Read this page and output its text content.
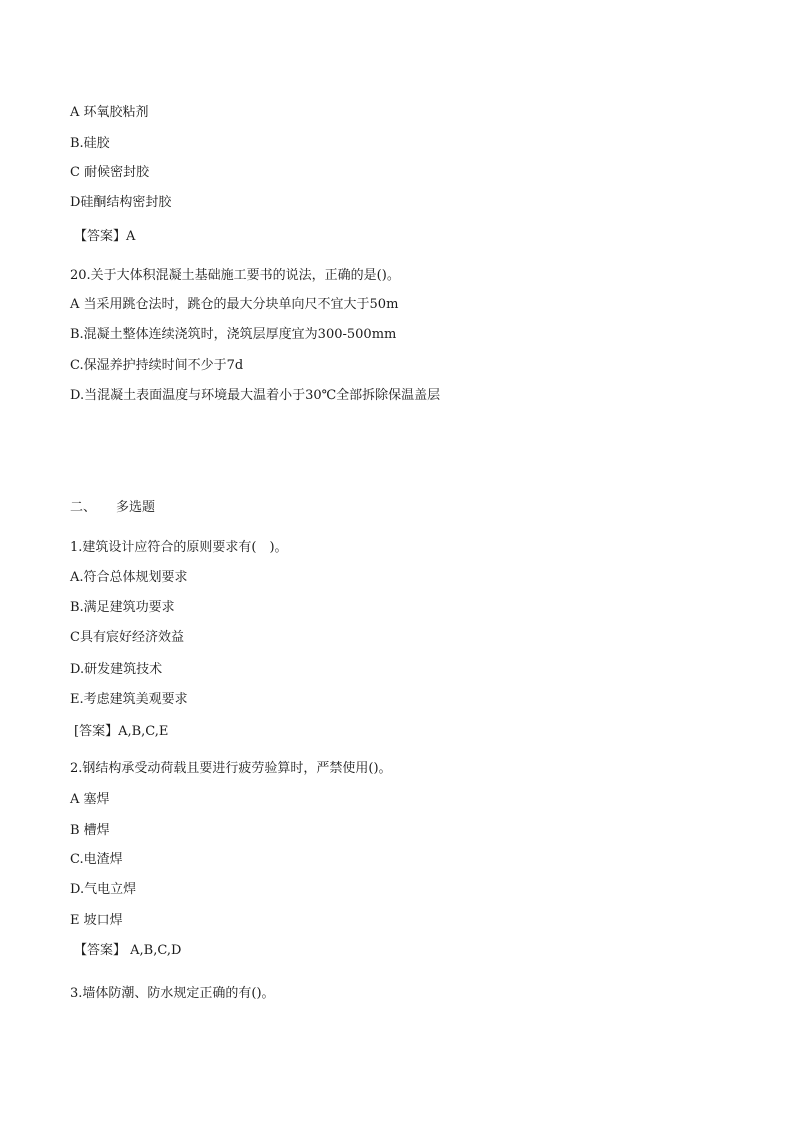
A 环氧胶粘剂
B.硅胶
C 耐候密封胶
D硅酮结构密封胶
【答案】A
20.关于大体积混凝土基础施工要书的说法，正确的是()。
A 当采用跳仓法时，跳仓的最大分块单向尺不宜大于50m
B.混凝土整体连续浇筑时，浇筑层厚度宜为300-500mm
C.保湿养护持续时间不少于7d
D.当混凝土表面温度与环境最大温着小于30℃全部拆除保温盖层
二、 多选题
1.建筑设计应符合的原则要求有(　)。
A.符合总体规划要求
B.满足建筑功要求
C具有宸好经济效益
D.研发建筑技术
E.考虑建筑美观要求
[答案】A,B,C,E
2.钢结构承受动荷载且要进行疲劳验算时，严禁使用()。
A 塞焊
B 槽焊
C.电渣焊
D.气电立焊
E 坡口焊
【答案】 A,B,C,D
3.墙体防潮、防水规定正确的有()。
